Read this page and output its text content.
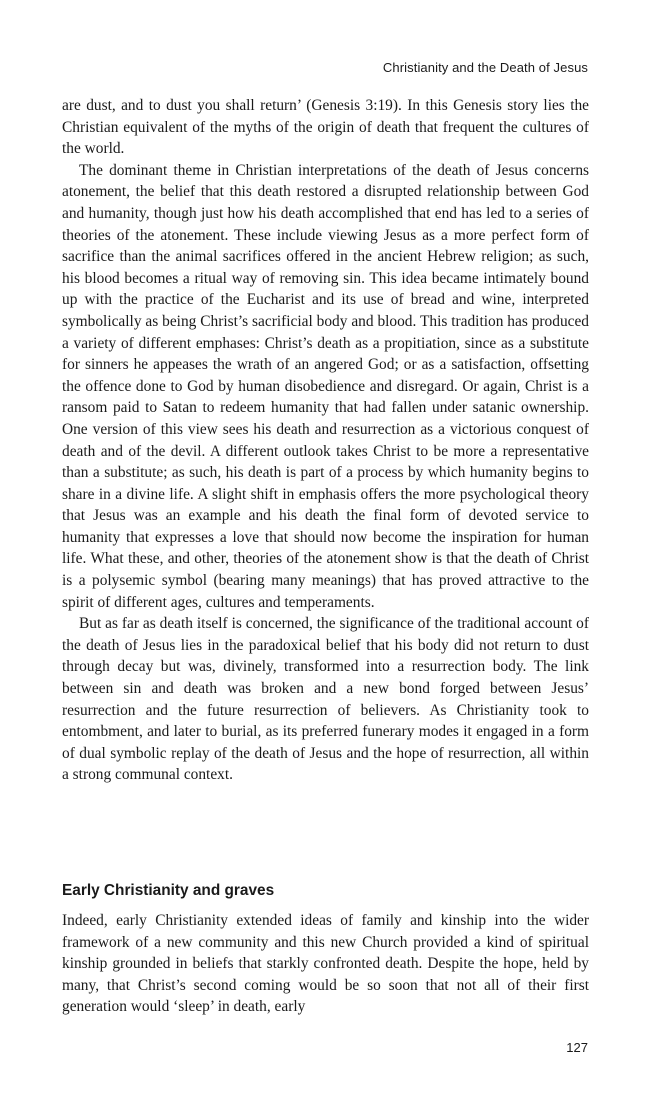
Christianity and the Death of Jesus

are dust, and to dust you shall return’ (Genesis 3:19). In this Genesis story lies the Christian equivalent of the myths of the origin of death that frequent the cultures of the world.

The dominant theme in Christian interpretations of the death of Jesus concerns atonement, the belief that this death restored a disrupted relationship between God and humanity, though just how his death accomplished that end has led to a series of theories of the atonement. These include viewing Jesus as a more perfect form of sacrifice than the animal sacrifices offered in the ancient Hebrew religion; as such, his blood becomes a ritual way of removing sin. This idea became intimately bound up with the practice of the Eucharist and its use of bread and wine, interpreted symbolically as being Christ’s sacrificial body and blood. This tradition has produced a variety of different emphases: Christ’s death as a propitiation, since as a substitute for sinners he appeases the wrath of an angered God; or as a satisfaction, offsetting the offence done to God by human disobedience and disregard. Or again, Christ is a ransom paid to Satan to redeem humanity that had fallen under satanic ownership. One version of this view sees his death and resurrection as a victorious conquest of death and of the devil. A different outlook takes Christ to be more a representative than a substitute; as such, his death is part of a process by which humanity begins to share in a divine life. A slight shift in emphasis offers the more psychological theory that Jesus was an example and his death the final form of devoted service to humanity that expresses a love that should now become the inspiration for human life. What these, and other, theories of the atonement show is that the death of Christ is a polysemic symbol (bearing many meanings) that has proved attractive to the spirit of different ages, cultures and temperaments.

But as far as death itself is concerned, the significance of the traditional account of the death of Jesus lies in the paradoxical belief that his body did not return to dust through decay but was, divinely, transformed into a resurrection body. The link between sin and death was broken and a new bond forged between Jesus’ resurrection and the future resurrection of believers. As Christianity took to entombment, and later to burial, as its preferred funerary modes it engaged in a form of dual symbolic replay of the death of Jesus and the hope of resurrection, all within a strong communal context.

Early Christianity and graves

Indeed, early Christianity extended ideas of family and kinship into the wider framework of a new community and this new Church provided a kind of spiritual kinship grounded in beliefs that starkly confronted death. Despite the hope, held by many, that Christ’s second coming would be so soon that not all of their first generation would ‘sleep’ in death, early

127
